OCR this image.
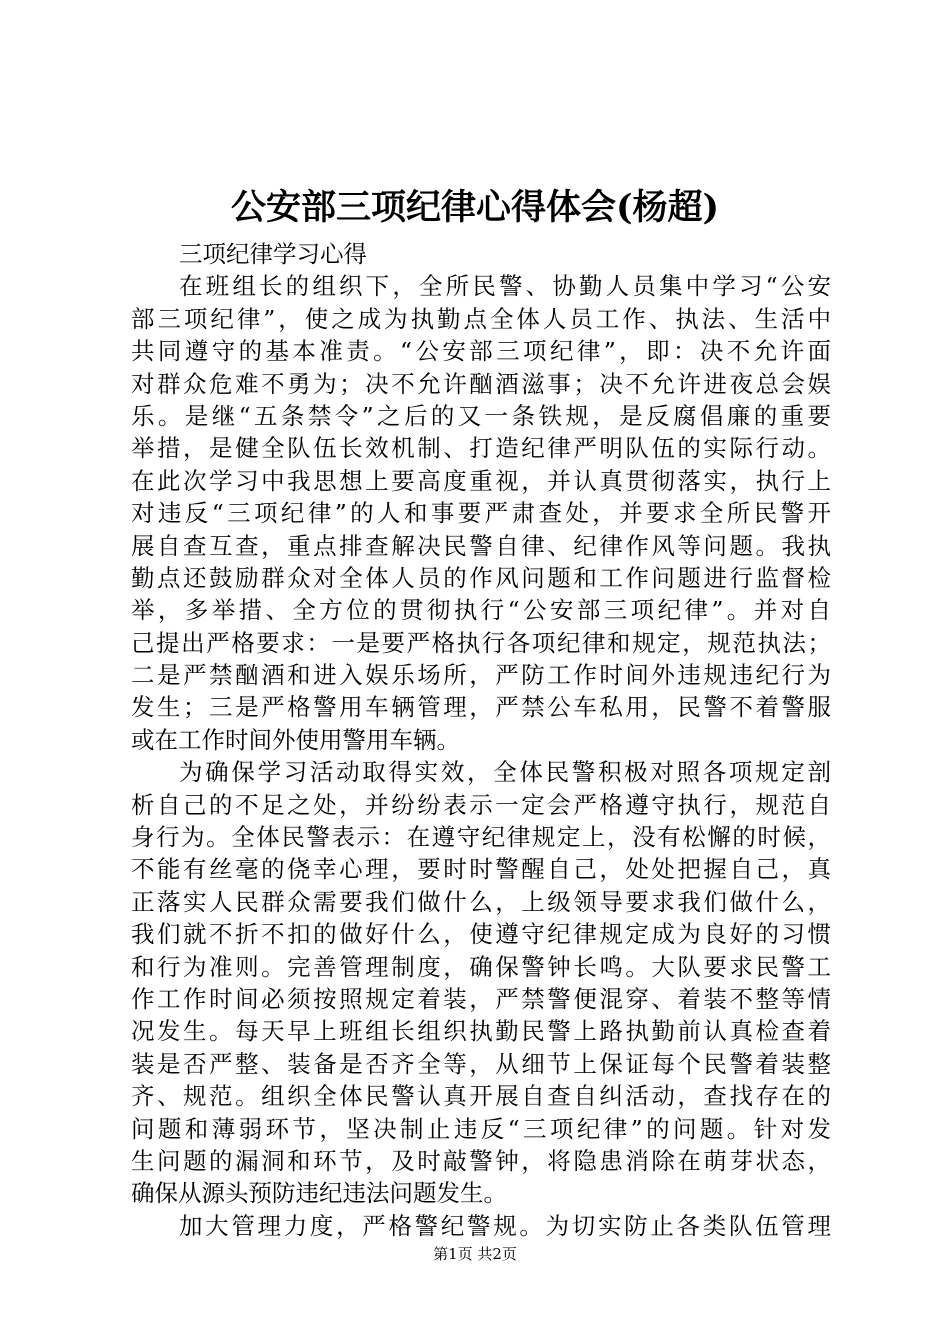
公安部三项纪律心得体会(杨超)
三项纪律学习心得
在班组长的组织下，全所民警、协勤人员集中学习“公安
部三项纪律”，使之成为执勤点全体人员工作、执法、生活中
共同遵守的基本准责。“公安部三项纪律”，即：决不允许面
对群众危难不勇为；决不允许酗酒滋事；决不允许进夜总会娱
乐。是继“五条禁令”之后的又一条铁规，是反腐倡廉的重要
举措，是健全队伍长效机制、打造纪律严明队伍的实际行动。
在此次学习中我思想上要高度重视，并认真贯彻落实，执行上
对违反“三项纪律”的人和事要严肃查处，并要求全所民警开
展自查互查，重点排查解决民警自律、纪律作风等问题。我执
勤点还鼓励群众对全体人员的作风问题和工作问题进行监督检
举，多举措、全方位的贯彻执行“公安部三项纪律”。并对自
己提出严格要求：一是要严格执行各项纪律和规定，规范执法；
二是严禁酗酒和进入娱乐场所，严防工作时间外违规违纪行为
发生；三是严格警用车辆管理，严禁公车私用，民警不着警服
或在工作时间外使用警用车辆。
为确保学习活动取得实效，全体民警积极对照各项规定剖
析自己的不足之处，并纷纷表示一定会严格遵守执行，规范自
身行为。全体民警表示：在遵守纪律规定上，没有松懈的时候，
不能有丝毫的侥幸心理，要时时警醒自己，处处把握自己，真
正落实人民群众需要我们做什么，上级领导要求我们做什么，
我们就不折不扣的做好什么，使遵守纪律规定成为良好的习惯
和行为准则。完善管理制度，确保警钟长鸣。大队要求民警工
作工作时间必须按照规定着装，严禁警便混穿、着装不整等情
况发生。每天早上班组长组织执勤民警上路执勤前认真检查着
装是否严整、装备是否齐全等，从细节上保证每个民警着装整
齐、规范。组织全体民警认真开展自查自纠活动，查找存在的
问题和薄弱环节，坚决制止违反“三项纪律”的问题。针对发
生问题的漏洞和环节，及时敲警钟，将隐患消除在萌芽状态，
确保从源头预防违纪违法问题发生。
加大管理力度，严格警纪警规。为切实防止各类队伍管理
第1页 共2页
